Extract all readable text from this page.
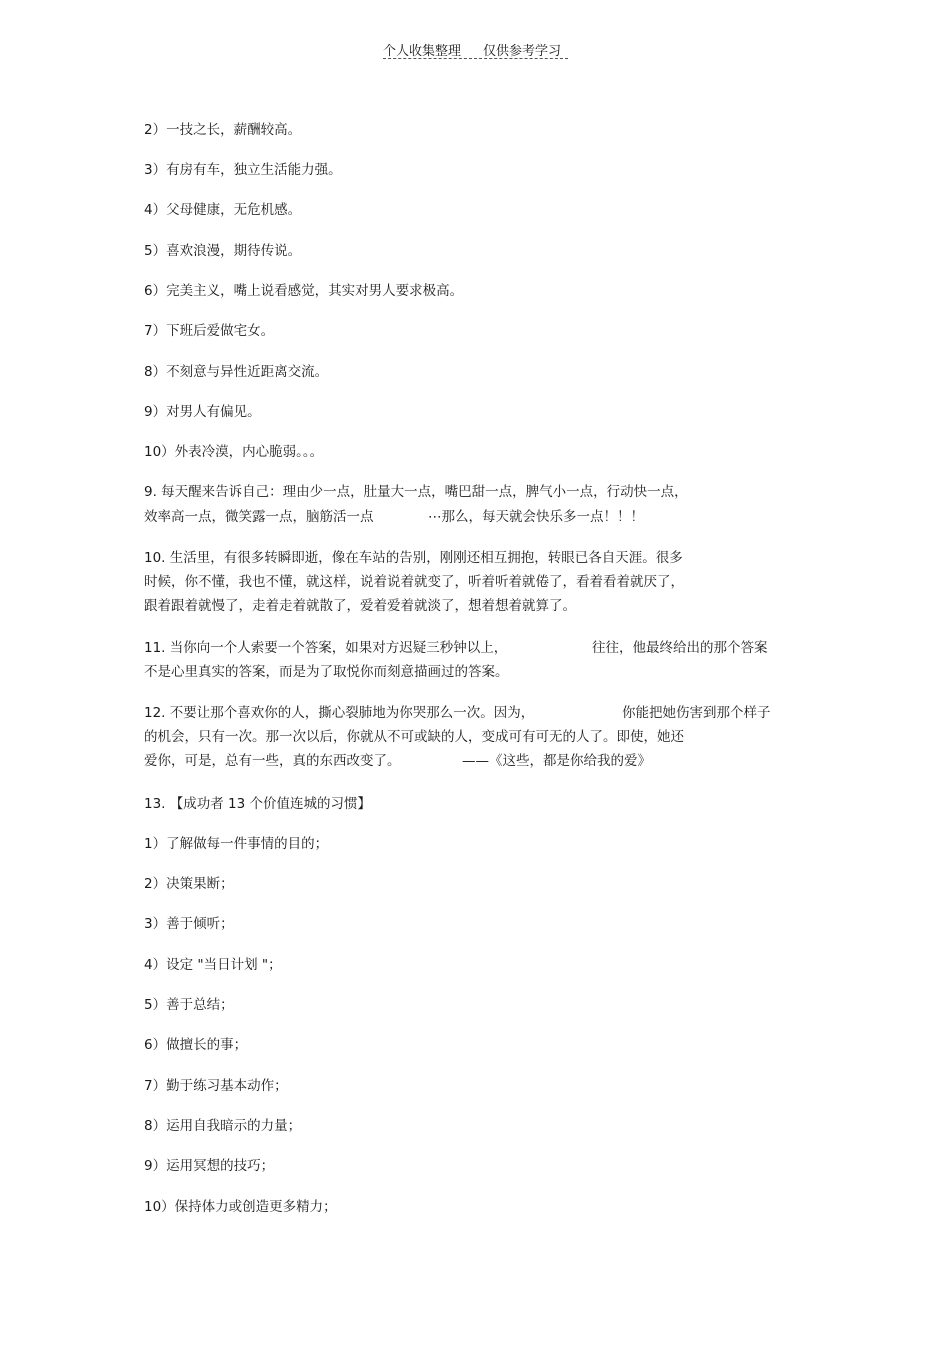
个人收集整理 仅供参考学习
2）一技之长，薪酬较高。
3）有房有车，独立生活能力强。
4）父母健康，无危机感。
5）喜欢浪漫，期待传说。
6）完美主义，嘴上说看感觉，其实对男人要求极高。
7）下班后爱做宅女。
8）不刻意与异性近距离交流。
9）对男人有偏见。
10）外表冷漠，内心脆弱。。。
9. 每天醒来告诉自己：理由少一点，肚量大一点，嘴巴甜一点，脾气小一点，行动快一点，
效率高一点，微笑露一点，脑筋活一点	⋯那么，每天就会快乐多一点！！！
10. 生活里，有很多转瞬即逝，像在车站的告别，刚刚还相互拥抱，转眼已各自天涯。很多
时候，你不懂，我也不懂，就这样，说着说着就变了，听着听着就倦了，看着看着就厌了，
跟着跟着就慢了，走着走着就散了，爱着爱着就淡了，想着想着就算了。
11. 当你向一个人索要一个答案，如果对方迟疑三秒钟以上，	往往，他最终给出的那个答案
不是心里真实的答案，而是为了取悦你而刻意描画过的答案。
12. 不要让那个喜欢你的人，撕心裂肺地为你哭那么一次。因为，	你能把她伤害到那个样子
的机会，只有一次。那一次以后，你就从不可或缺的人，变成可有可无的人了。即使，她还
爱你，可是，总有一些，真的东西改变了。	——《这些，都是你给我的爱》
13. 【成功者 13 个价值连城的习惯】
1）了解做每一件事情的目的；
2）决策果断；
3）善于倾听；
4）设定 "当日计划 "；
5）善于总结；
6）做擅长的事；
7）勤于练习基本动作；
8）运用自我暗示的力量；
9）运用冥想的技巧；
10）保持体力或创造更多精力；
